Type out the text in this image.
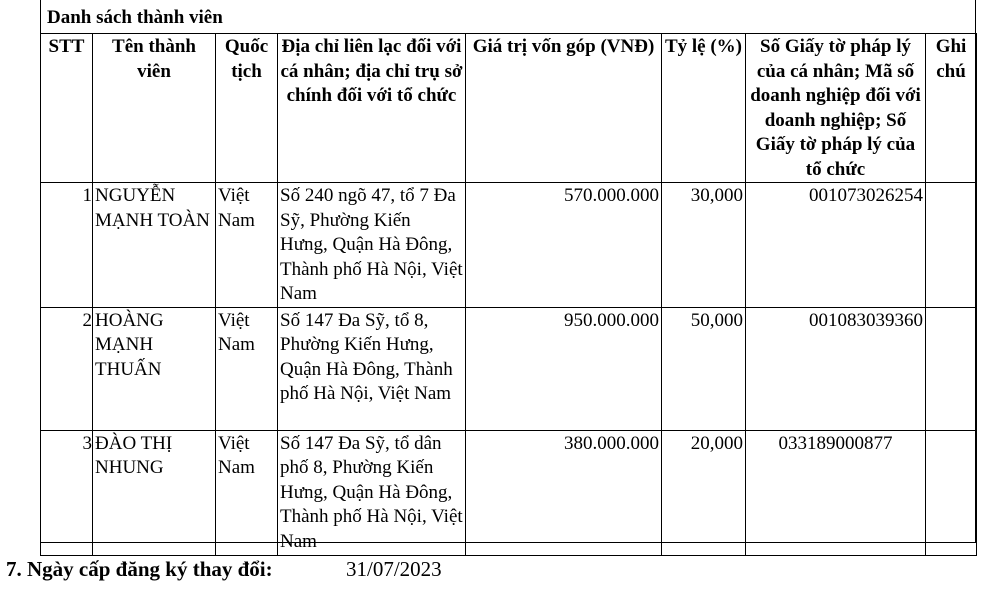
Danh sách thành viên
STT	Tên thành viên	Quốc tịch	Địa chỉ liên lạc đối với cá nhân; địa chỉ trụ sở chính đối với tổ chức	Giá trị vốn góp (VNĐ)	Tỷ lệ (%)	Số Giấy tờ pháp lý của cá nhân; Mã số doanh nghiệp đối với doanh nghiệp; Số Giấy tờ pháp lý của tổ chức	Ghi chú
1	NGUYỄN MẠNH TOÀN	Việt Nam	Số 240 ngõ 47, tổ 7 Đa Sỹ, Phường Kiến Hưng, Quận Hà Đông, Thành phố Hà Nội, Việt Nam	570.000.000	30,000	001073026254	
2	HOÀNG MẠNH THUẤN	Việt Nam	Số 147 Đa Sỹ, tổ 8, Phường Kiến Hưng, Quận Hà Đông, Thành phố Hà Nội, Việt Nam	950.000.000	50,000	001083039360	
3	ĐÀO THỊ NHUNG	Việt Nam	Số 147 Đa Sỹ, tổ dân phố 8, Phường Kiến Hưng, Quận Hà Đông, Thành phố Hà Nội, Việt Nam	380.000.000	20,000	033189000877	
7. Ngày cấp đăng ký thay đổi:	31/07/2023
